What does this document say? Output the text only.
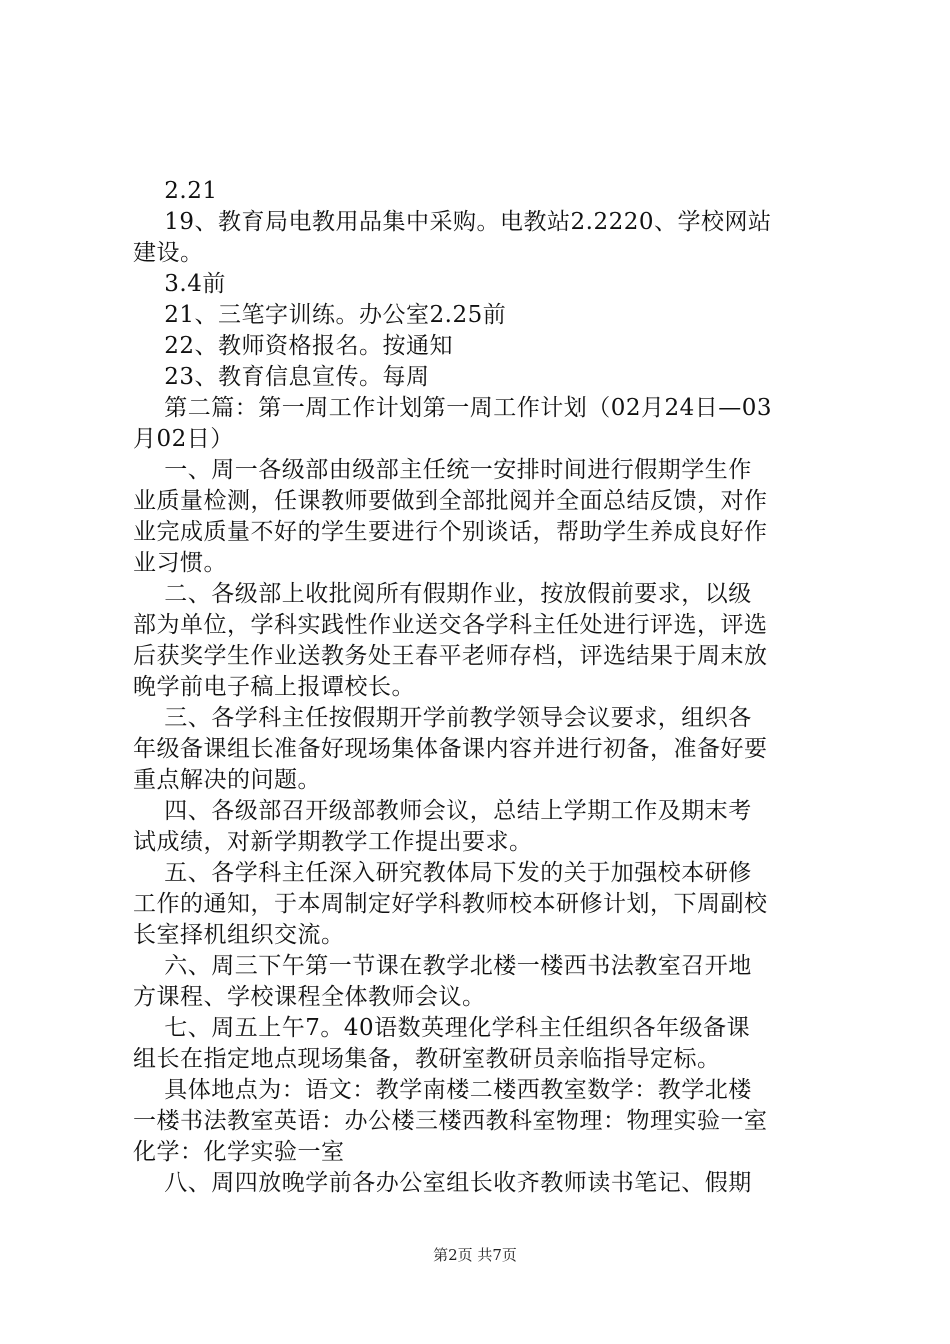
2.21

19、教育局电教用品集中采购。电教站2.2220、学校网站

建设。

3.4前

21、三笔字训练。办公室2.25前

22、教师资格报名。按通知

23、教育信息宣传。每周

第二篇：第一周工作计划第一周工作计划（02月24日—03

月02日）

一、周一各级部由级部主任统一安排时间进行假期学生作

业质量检测，任课教师要做到全部批阅并全面总结反馈，对作

业完成质量不好的学生要进行个别谈话，帮助学生养成良好作

业习惯。

二、各级部上收批阅所有假期作业，按放假前要求，以级

部为单位，学科实践性作业送交各学科主任处进行评选，评选

后获奖学生作业送教务处王春平老师存档，评选结果于周末放

晚学前电子稿上报谭校长。

三、各学科主任按假期开学前教学领导会议要求，组织各

年级备课组长准备好现场集体备课内容并进行初备，准备好要

重点解决的问题。

四、各级部召开级部教师会议，总结上学期工作及期末考

试成绩，对新学期教学工作提出要求。

五、各学科主任深入研究教体局下发的关于加强校本研修

工作的通知，于本周制定好学科教师校本研修计划，下周副校

长室择机组织交流。

六、周三下午第一节课在教学北楼一楼西书法教室召开地

方课程、学校课程全体教师会议。

七、周五上午7。40语数英理化学科主任组织各年级备课

组长在指定地点现场集备，教研室教研员亲临指导定标。

具体地点为：语文：教学南楼二楼西教室数学：教学北楼

一楼书法教室英语：办公楼三楼西教科室物理：物理实验一室

化学：化学实验一室

八、周四放晚学前各办公室组长收齐教师读书笔记、假期

第2页 共7页
